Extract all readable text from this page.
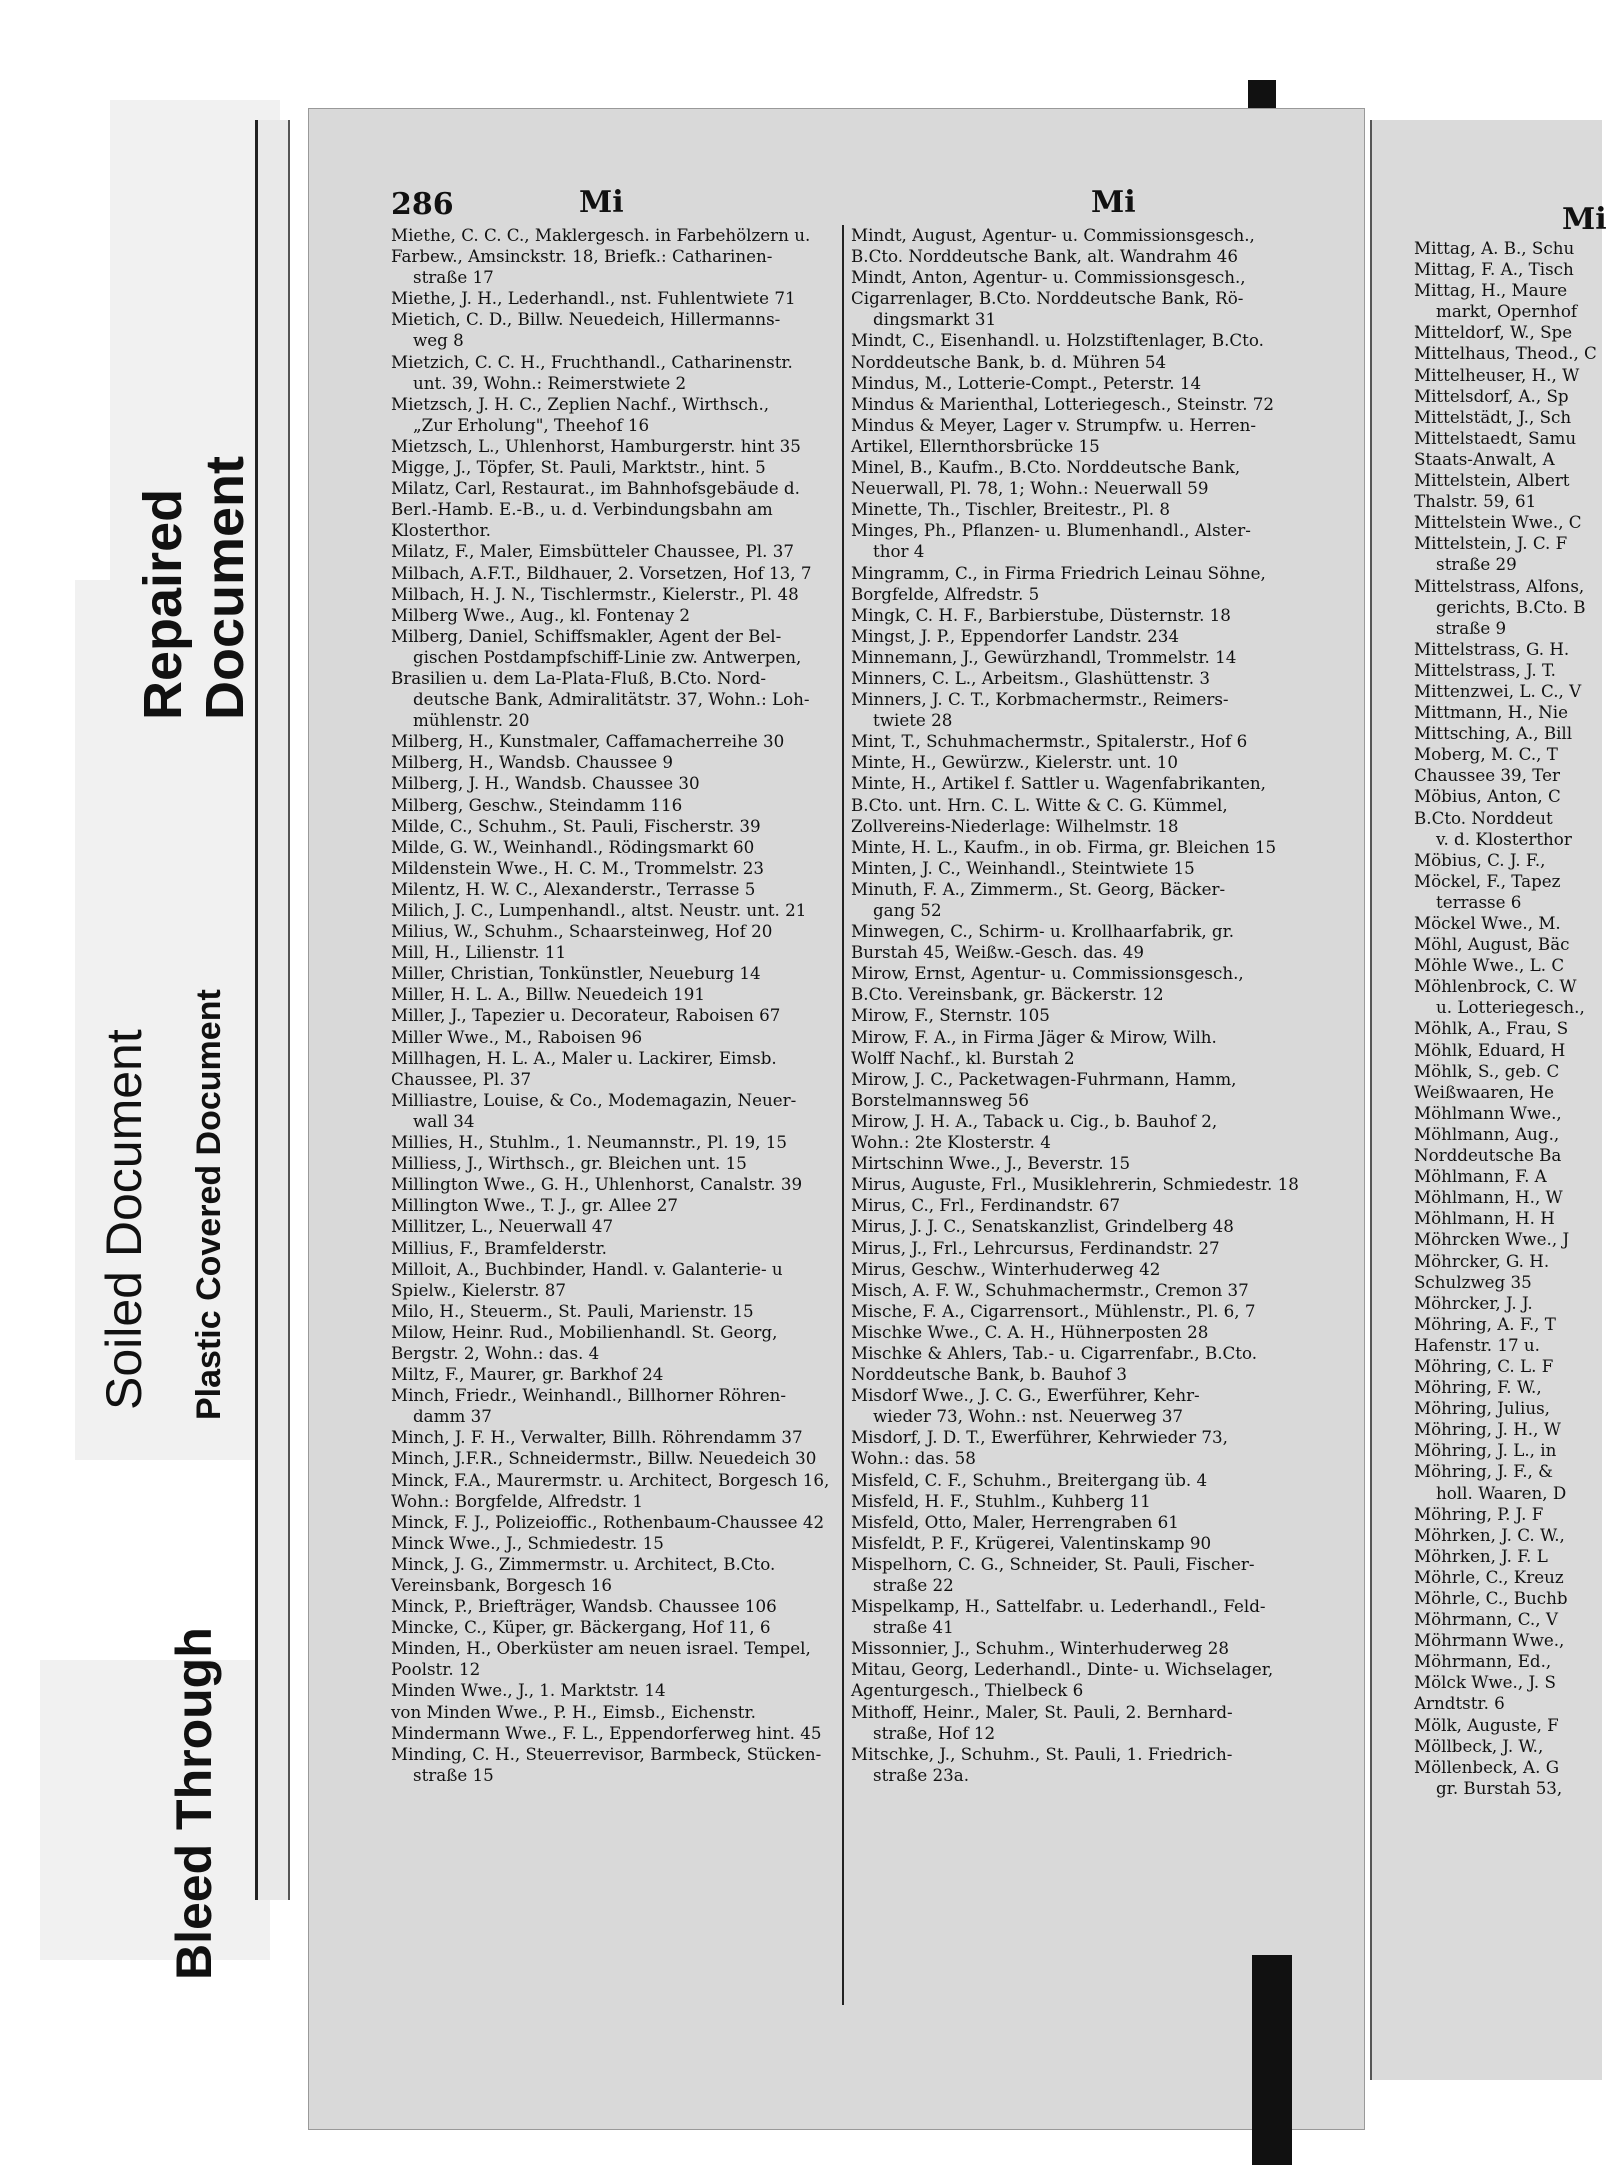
Bleed Through
Plastic Covered Document
Soiled Document
Repaired Document
286	Mi	Mi
Miethe, C. C. C., Maklergesch. in Farbehölzern u.
Farbew., Amsinckstr. 18, Briefk.: Catharinen-
straße 17
Miethe, J. H., Lederhandl., nst. Fuhlentwiete 71
Mietich, C. D., Billw. Neuedeich, Hillermanns-
weg 8
Mietzich, C. C. H., Fruchthandl., Catharinenstr.
unt. 39, Wohn.: Reimerstwiete 2
Mietzsch, J. H. C., Zeplien Nachf., Wirthsch.,
„Zur Erholung", Theehof 16
Mietzsch, L., Uhlenhorst, Hamburgerstr. hint 35
Migge, J., Töpfer, St. Pauli, Marktstr., hint. 5
Milatz, Carl, Restaurat., im Bahnhofsgebäude d.
Berl.-Hamb. E.-B., u. d. Verbindungsbahn am
Klosterthor.
Milatz, F., Maler, Eimsbütteler Chaussee, Pl. 37
Milbach, A.F.T., Bildhauer, 2. Vorsetzen, Hof 13, 7
Milbach, H. J. N., Tischlermstr., Kielerstr., Pl. 48
Milberg Wwe., Aug., kl. Fontenay 2
Milberg, Daniel, Schiffsmakler, Agent der Bel-
gischen Postdampfschiff-Linie zw. Antwerpen,
Brasilien u. dem La-Plata-Fluß, B.Cto. Nord-
deutsche Bank, Admiralitätstr. 37, Wohn.: Loh-
mühlenstr. 20
Milberg, H., Kunstmaler, Caffamacherreihe 30
Milberg, H., Wandsb. Chaussee 9
Milberg, J. H., Wandsb. Chaussee 30
Milberg, Geschw., Steindamm 116
Milde, C., Schuhm., St. Pauli, Fischerstr. 39
Milde, G. W., Weinhandl., Rödingsmarkt 60
Mildenstein Wwe., H. C. M., Trommelstr. 23
Milentz, H. W. C., Alexanderstr., Terrasse 5
Milich, J. C., Lumpenhandl., altst. Neustr. unt. 21
Milius, W., Schuhm., Schaarsteinweg, Hof 20
Mill, H., Lilienstr. 11
Miller, Christian, Tonkünstler, Neueburg 14
Miller, H. L. A., Billw. Neuedeich 191
Miller, J., Tapezier u. Decorateur, Raboisen 67
Miller Wwe., M., Raboisen 96
Millhagen, H. L. A., Maler u. Lackirer, Eimsb.
Chaussee, Pl. 37
Milliastre, Louise, & Co., Modemagazin, Neuer-
wall 34
Millies, H., Stuhlm., 1. Neumannstr., Pl. 19, 15
Milliess, J., Wirthsch., gr. Bleichen unt. 15
Millington Wwe., G. H., Uhlenhorst, Canalstr. 39
Millington Wwe., T. J., gr. Allee 27
Millitzer, L., Neuerwall 47
Millius, F., Bramfelderstr.
Milloit, A., Buchbinder, Handl. v. Galanterie- u
Spielw., Kielerstr. 87
Milo, H., Steuerm., St. Pauli, Marienstr. 15
Milow, Heinr. Rud., Mobilienhandl. St. Georg,
Bergstr. 2, Wohn.: das. 4
Miltz, F., Maurer, gr. Barkhof 24
Minch, Friedr., Weinhandl., Billhorner Röhren-
damm 37
Minch, J. F. H., Verwalter, Billh. Röhrendamm 37
Minch, J.F.R., Schneidermstr., Billw. Neuedeich 30
Minck, F.A., Maurermstr. u. Architect, Borgesch 16,
Wohn.: Borgfelde, Alfredstr. 1
Minck, F. J., Polizeioffic., Rothenbaum-Chaussee 42
Minck Wwe., J., Schmiedestr. 15
Minck, J. G., Zimmermstr. u. Architect, B.Cto.
Vereinsbank, Borgesch 16
Minck, P., Briefträger, Wandsb. Chaussee 106
Mincke, C., Küper, gr. Bäckergang, Hof 11, 6
Minden, H., Oberküster am neuen israel. Tempel,
Poolstr. 12
Minden Wwe., J., 1. Marktstr. 14
von Minden Wwe., P. H., Eimsb., Eichenstr.
Mindermann Wwe., F. L., Eppendorferweg hint. 45
Minding, C. H., Steuerrevisor, Barmbeck, Stücken-
straße 15
Mindt, August, Agentur- u. Commissionsgesch.,
B.Cto. Norddeutsche Bank, alt. Wandrahm 46
Mindt, Anton, Agentur- u. Commissionsgesch.,
Cigarrenlager, B.Cto. Norddeutsche Bank, Rö-
dingsmarkt 31
Mindt, C., Eisenhandl. u. Holzstiftenlager, B.Cto.
Norddeutsche Bank, b. d. Mühren 54
Mindus, M., Lotterie-Compt., Peterstr. 14
Mindus & Marienthal, Lotteriegesch., Steinstr. 72
Mindus & Meyer, Lager v. Strumpfw. u. Herren-
Artikel, Ellernthorsbrücke 15
Minel, B., Kaufm., B.Cto. Norddeutsche Bank,
Neuerwall, Pl. 78, 1; Wohn.: Neuerwall 59
Minette, Th., Tischler, Breitestr., Pl. 8
Minges, Ph., Pflanzen- u. Blumenhandl., Alster-
thor 4
Mingramm, C., in Firma Friedrich Leinau Söhne,
Borgfelde, Alfredstr. 5
Mingk, C. H. F., Barbierstube, Düsternstr. 18
Mingst, J. P., Eppendorfer Landstr. 234
Minnemann, J., Gewürzhandl, Trommelstr. 14
Minners, C. L., Arbeitsm., Glashüttenstr. 3
Minners, J. C. T., Korbmachermstr., Reimers-
twiete 28
Mint, T., Schuhmachermstr., Spitalerstr., Hof 6
Minte, H., Gewürzw., Kielerstr. unt. 10
Minte, H., Artikel f. Sattler u. Wagenfabrikanten,
B.Cto. unt. Hrn. C. L. Witte & C. G. Kümmel,
Zollvereins-Niederlage: Wilhelmstr. 18
Minte, H. L., Kaufm., in ob. Firma, gr. Bleichen 15
Minten, J. C., Weinhandl., Steintwiete 15
Minuth, F. A., Zimmerm., St. Georg, Bäcker-
gang 52
Minwegen, C., Schirm- u. Krollhaarfabrik, gr.
Burstah 45, Weißw.-Gesch. das. 49
Mirow, Ernst, Agentur- u. Commissionsgesch.,
B.Cto. Vereinsbank, gr. Bäckerstr. 12
Mirow, F., Sternstr. 105
Mirow, F. A., in Firma Jäger & Mirow, Wilh.
Wolff Nachf., kl. Burstah 2
Mirow, J. C., Packetwagen-Fuhrmann, Hamm,
Borstelmannsweg 56
Mirow, J. H. A., Taback u. Cig., b. Bauhof 2,
Wohn.: 2te Klosterstr. 4
Mirtschinn Wwe., J., Beverstr. 15
Mirus, Auguste, Frl., Musiklehrerin, Schmiedestr. 18
Mirus, C., Frl., Ferdinandstr. 67
Mirus, J. J. C., Senatskanzlist, Grindelberg 48
Mirus, J., Frl., Lehrcursus, Ferdinandstr. 27
Mirus, Geschw., Winterhuderweg 42
Misch, A. F. W., Schuhmachermstr., Cremon 37
Mische, F. A., Cigarrensort., Mühlenstr., Pl. 6, 7
Mischke Wwe., C. A. H., Hühnerposten 28
Mischke & Ahlers, Tab.- u. Cigarrenfabr., B.Cto.
Norddeutsche Bank, b. Bauhof 3
Misdorf Wwe., J. C. G., Ewerführer, Kehr-
wieder 73, Wohn.: nst. Neuerweg 37
Misdorf, J. D. T., Ewerführer, Kehrwieder 73,
Wohn.: das. 58
Misfeld, C. F., Schuhm., Breitergang üb. 4
Misfeld, H. F., Stuhlm., Kuhberg 11
Misfeld, Otto, Maler, Herrengraben 61
Misfeldt, P. F., Krügerei, Valentinskamp 90
Mispelhorn, C. G., Schneider, St. Pauli, Fischer-
straße 22
Mispelkamp, H., Sattelfabr. u. Lederhandl., Feld-
straße 41
Missonnier, J., Schuhm., Winterhuderweg 28
Mitau, Georg, Lederhandl., Dinte- u. Wichselager,
Agenturgesch., Thielbeck 6
Mithoff, Heinr., Maler, St. Pauli, 2. Bernhard-
straße, Hof 12
Mitschke, J., Schuhm., St. Pauli, 1. Friedrich-
straße 23a.
Mi
Mittag, A. B., Schu
Mittag, F. A., Tisch
Mittag, H., Maure
markt, Opernhof
Mitteldorf, W., Spe
Mittelhaus, Theod., C
Mittelheuser, H., W
Mittelsdorf, A., Sp
Mittelstädt, J., Sch
Mittelstaedt, Samu
Staats-Anwalt, A
Mittelstein, Albert
Thalstr. 59, 61
Mittelstein Wwe., C
Mittelstein, J. C. F
straße 29
Mittelstrass, Alfons,
gerichts, B.Cto. B
straße 9
Mittelstrass, G. H.
Mittelstrass, J. T.
Mittenzwei, L. C., V
Mittmann, H., Nie
Mittsching, A., Bill
Moberg, M. C., T
Chaussee 39, Ter
Möbius, Anton, C
B.Cto. Norddeut
v. d. Klosterthor
Möbius, C. J. F.,
Möckel, F., Tapez
terrasse 6
Möckel Wwe., M.
Möhl, August, Bäc
Möhle Wwe., L. C
Möhlenbrock, C. W
u. Lotteriegesch.,
Möhlk, A., Frau, S
Möhlk, Eduard, H
Möhlk, S., geb. C
Weißwaaren, He
Möhlmann Wwe.,
Möhlmann, Aug.,
Norddeutsche Ba
Möhlmann, F. A
Möhlmann, H., W
Möhlmann, H. H
Möhrcken Wwe., J
Möhrcker, G. H.
Schulzweg 35
Möhrcker, J. J.
Möhring, A. F., T
Hafenstr. 17 u.
Möhring, C. L. F
Möhring, F. W.,
Möhring, Julius,
Möhring, J. H., W
Möhring, J. L., in
Möhring, J. F., &
holl. Waaren, D
Möhring, P. J. F
Möhrken, J. C. W.,
Möhrken, J. F. L
Möhrle, C., Kreuz
Möhrle, C., Buchb
Möhrmann, C., V
Möhrmann Wwe.,
Möhrmann, Ed.,
Mölck Wwe., J. S
Arndtstr. 6
Mölk, Auguste, F
Möllbeck, J. W.,
Möllenbeck, A. G
gr. Burstah 53,
